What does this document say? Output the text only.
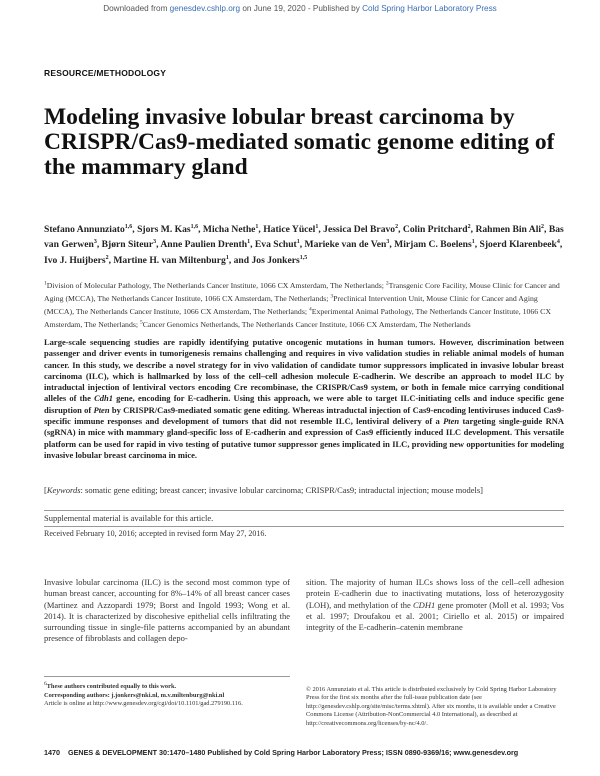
Downloaded from genesdev.cshlp.org on June 19, 2020 - Published by Cold Spring Harbor Laboratory Press
RESOURCE/METHODOLOGY
Modeling invasive lobular breast carcinoma by CRISPR/Cas9-mediated somatic genome editing of the mammary gland
Stefano Annunziato$^{1,6}$, Sjors M. Kas$^{1,6}$, Micha Nethe$^1$, Hatice Yücel$^1$, Jessica Del Bravo$^2$, Colin Pritchard$^2$, Rahmen Bin Ali$^2$, Bas van Gerwen$^3$, Bjørn Siteur$^3$, Anne Paulien Drenth$^1$, Eva Schut$^1$, Marieke van de Ven$^3$, Mirjam C. Boelens$^1$, Sjoerd Klarenbeek$^4$, Ivo J. Huijbers$^2$, Martine H. van Miltenburg$^1$, and Jos Jonkers$^{1,5}$
$^1$Division of Molecular Pathology, The Netherlands Cancer Institute, 1066 CX Amsterdam, The Netherlands; $^2$Transgenic Core Facility, Mouse Clinic for Cancer and Aging (MCCA), The Netherlands Cancer Institute, 1066 CX Amsterdam, The Netherlands; $^3$Preclinical Intervention Unit, Mouse Clinic for Cancer and Aging (MCCA), The Netherlands Cancer Institute, 1066 CX Amsterdam, The Netherlands; $^4$Experimental Animal Pathology, The Netherlands Cancer Institute, 1066 CX Amsterdam, The Netherlands; $^5$Cancer Genomics Netherlands, The Netherlands Cancer Institute, 1066 CX Amsterdam, The Netherlands
Large-scale sequencing studies are rapidly identifying putative oncogenic mutations in human tumors. However, discrimination between passenger and driver events in tumorigenesis remains challenging and requires in vivo validation studies in reliable animal models of human cancer. In this study, we describe a novel strategy for in vivo validation of candidate tumor suppressors implicated in invasive lobular breast carcinoma (ILC), which is hallmarked by loss of the cell–cell adhesion molecule E-cadherin. We describe an approach to model ILC by intraductal injection of lentiviral vectors encoding Cre recombinase, the CRISPR/Cas9 system, or both in female mice carrying conditional alleles of the Cdh1 gene, encoding for E-cadherin. Using this approach, we were able to target ILC-initiating cells and induce specific gene disruption of Pten by CRISPR/Cas9-mediated somatic gene editing. Whereas intraductal injection of Cas9-encoding lentiviruses induced Cas9-specific immune responses and development of tumors that did not resemble ILC, lentiviral delivery of a Pten targeting single-guide RNA (sgRNA) in mice with mammary gland-specific loss of E-cadherin and expression of Cas9 efficiently induced ILC development. This versatile platform can be used for rapid in vivo testing of putative tumor suppressor genes implicated in ILC, providing new opportunities for modeling invasive lobular breast carcinoma in mice.
[Keywords: somatic gene editing; breast cancer; invasive lobular carcinoma; CRISPR/Cas9; intraductal injection; mouse models]
Supplemental material is available for this article.
Received February 10, 2016; accepted in revised form May 27, 2016.
Invasive lobular carcinoma (ILC) is the second most common type of human breast cancer, accounting for 8%–14% of all breast cancer cases (Martinez and Azzopardi 1979; Borst and Ingold 1993; Wong et al. 2014). It is characterized by discohesive epithelial cells infiltrating the surrounding tissue in single-file patterns accompanied by an abundant presence of fibroblasts and collagen depo-
sition. The majority of human ILCs shows loss of the cell–cell adhesion protein E-cadherin due to inactivating mutations, loss of heterozygosity (LOH), and methylation of the CDH1 gene promoter (Moll et al. 1993; Vos et al. 1997; Droufakou et al. 2001; Ciriello et al. 2015) or impaired integrity of the E-cadherin–catenin membrane
$^6$These authors contributed equally to this work.
Corresponding authors: j.jonkers@nki.nl, m.v.miltenburg@nki.nl
Article is online at http://www.genesdev.org/cgi/doi/10.1101/gad.279190.116.
© 2016 Annunziato et al. This article is distributed exclusively by Cold Spring Harbor Laboratory Press for the first six months after the full-issue publication date (see http://genesdev.cshlp.org/site/misc/terms.xhtml). After six months, it is available under a Creative Commons License (Attribution-NonCommercial 4.0 International), as described at http://creativecommons.org/licenses/by-nc/4.0/.
1470 GENES & DEVELOPMENT 30:1470–1480 Published by Cold Spring Harbor Laboratory Press; ISSN 0890-9369/16; www.genesdev.org
